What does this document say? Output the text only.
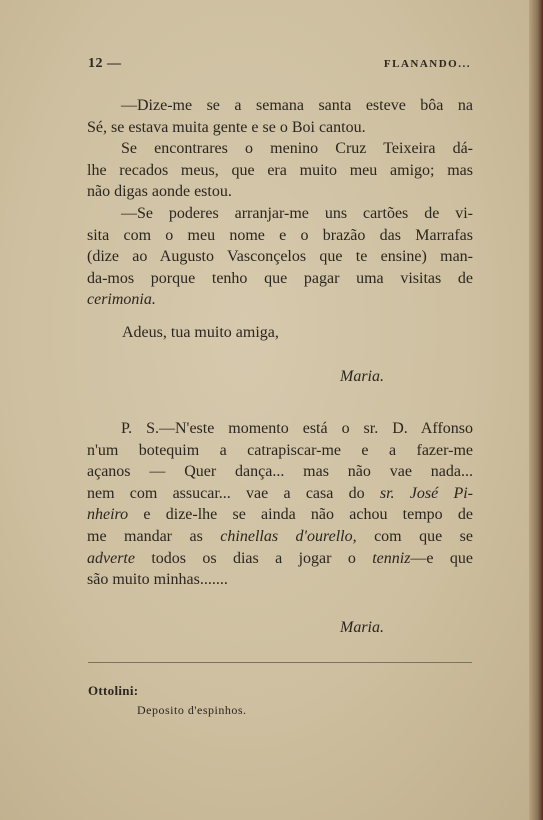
12 —	FLANANDO...
—Dize-me se a semana santa esteve bôa na
Sé, se estava muita gente e se o Boi cantou.
Se encontrares o menino Cruz Teixeira dá-
lhe recados meus, que era muito meu amigo; mas
não digas aonde estou.
—Se poderes arranjar-me uns cartões de vi-
sita com o meu nome e o brazão das Marrafas
(dize ao Augusto Vasconçelos que te ensine) man-
da-mos porque tenho que pagar uma visitas de
cerimonia.
Adeus, tua muito amiga,
Maria.
P. S.—N'este momento está o sr. D. Affonso
n'um botequim a catrapiscar-me e a fazer-me
açanos — Quer dança... mas não vae nada...
nem com assucar... vae a casa do sr. José Pi-
nheiro e dize-lhe se ainda não achou tempo de
me mandar as chinellas d'ourello, com que se
adverte todos os dias a jogar o tenniz—e que
são muito minhas.......
Maria.
Ottolini:
Deposito d'espinhos.
